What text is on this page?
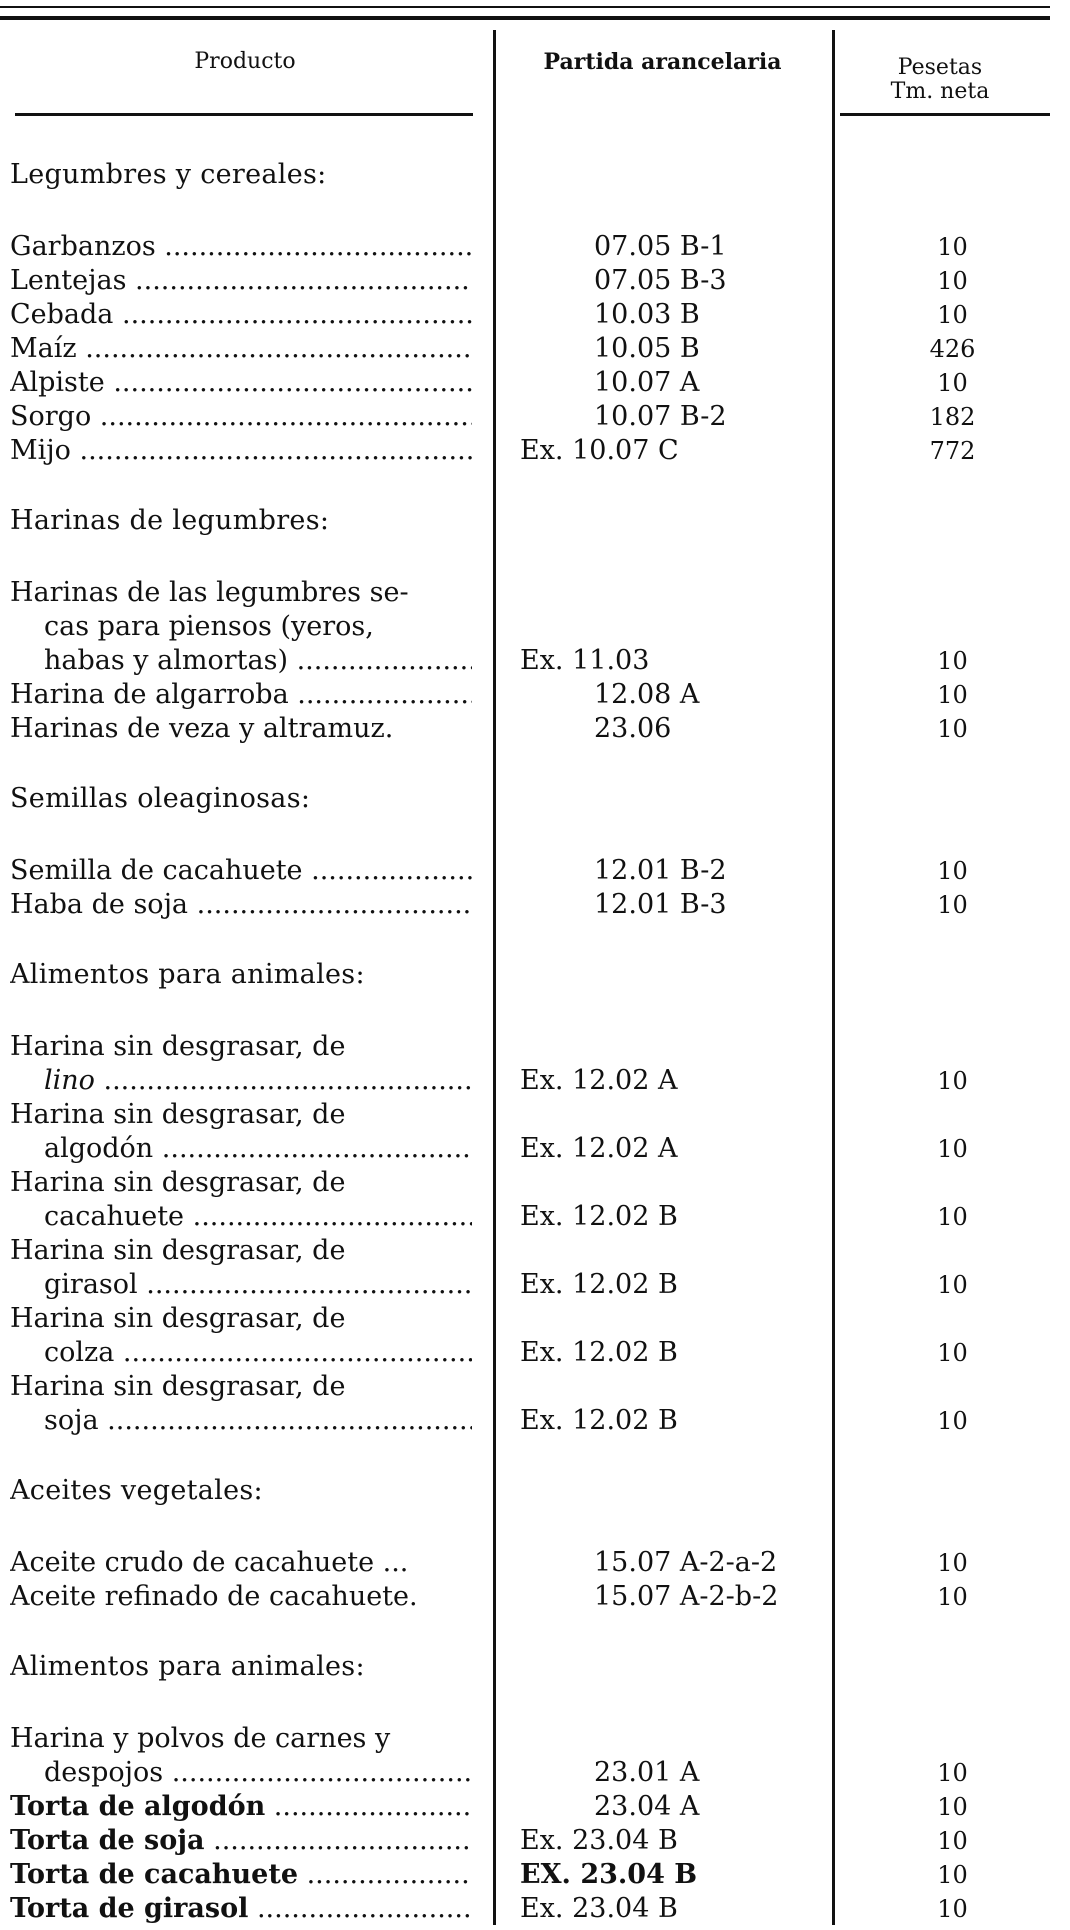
Producto	Partida arancelaria	Pesetas
Tm. neta
Legumbres y cereales:
Garbanzos .....	07.05 B-1	10
Lentejas .....	07.05 B-3	10
Cebada .....	10.03 B	10
Maíz .....	10.05 B	426
Alpiste .....	10.07 A	10
Sorgo .....	10.07 B-2	182
Mijo .....	Ex. 10.07 C	772
Harinas de legumbres:
Harinas de las legumbres se-
cas para piensos (yeros,
habas y almortas) .....	Ex. 11.03	10
Harina de algarroba .....	12.08 A	10
Harinas de veza y altramuz.	23.06	10
Semillas oleaginosas:
Semilla de cacahuete .....	12.01 B-2	10
Haba de soja .....	12.01 B-3	10
Alimentos para animales:
Harina sin desgrasar, de
lino .....	Ex. 12.02 A	10
Harina sin desgrasar, de
algodón .....	Ex. 12.02 A	10
Harina sin desgrasar, de
cacahuete .....	Ex. 12.02 B	10
Harina sin desgrasar, de
girasol .....	Ex. 12.02 B	10
Harina sin desgrasar, de
colza .....	Ex. 12.02 B	10
Harina sin desgrasar, de
soja .....	Ex. 12.02 B	10
Aceites vegetales:
Aceite crudo de cacahuete ...	15.07 A-2-a-2	10
Aceite refinado de cacahuete.	15.07 A-2-b-2	10
Alimentos para animales:
Harina y polvos de carnes y
despojos .....	23.01 A	10
Torta de algodón .....	23.04 A	10
Torta de soja .....	Ex. 23.04 B	10
Torta de cacahuete .....	EX. 23.04 B	10
Torta de girasol .....	Ex. 23.04 B	10
